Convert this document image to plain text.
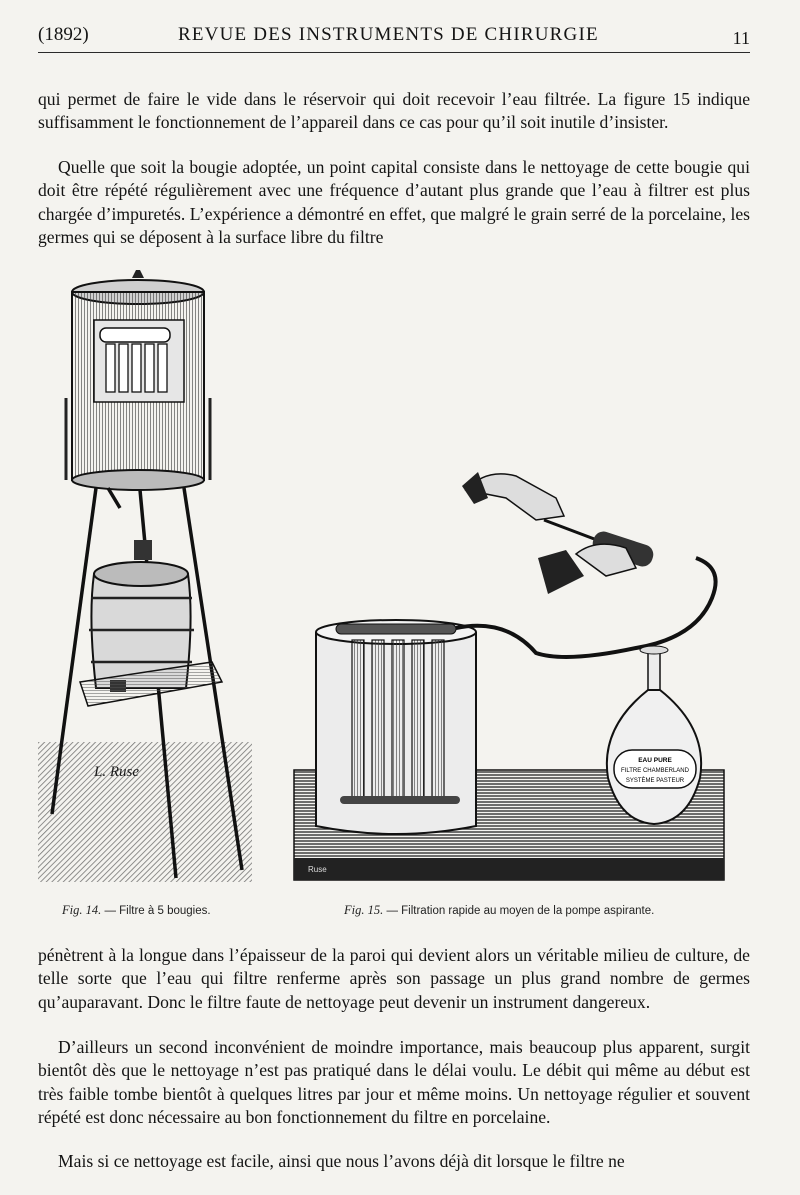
(1892)	REVUE DES INSTRUMENTS DE CHIRURGIE	11

qui permet de faire le vide dans le réservoir qui doit recevoir l’eau filtrée. La figure 15 indique suffisamment le fonctionnement de l’appareil dans ce cas pour qu’il soit inutile d’insister.

Quelle que soit la bougie adoptée, un point capital consiste dans le nettoyage de cette bougie qui doit être répété régulièrement avec une fréquence d’autant plus grande que l’eau à filtrer est plus chargée d’impuretés. L’expérience a démontré en effet, que malgré le grain serré de la porcelaine, les germes qui se déposent à la surface libre du filtre

L. Ruse
Ruse
EAU PURE
FILTRE CHAMBERLAND
SYSTÈME PASTEUR
Fig. 14. — Filtre à 5 bougies.	Fig. 15. — Filtration rapide au moyen de la pompe aspirante.

pénètrent à la longue dans l’épaisseur de la paroi qui devient alors un véritable milieu de culture, de telle sorte que l’eau qui filtre renferme après son passage un plus grand nombre de germes qu’auparavant. Donc le filtre faute de nettoyage peut devenir un instrument dangereux.

D’ailleurs un second inconvénient de moindre importance, mais beaucoup plus apparent, surgit bientôt dès que le nettoyage n’est pas pratiqué dans le délai voulu. Le débit qui même au début est très faible tombe bientôt à quelques litres par jour et même moins. Un nettoyage régulier et souvent répété est donc nécessaire au bon fonctionnement du filtre en porcelaine.

Mais si ce nettoyage est facile, ainsi que nous l’avons déjà dit lorsque le filtre ne
